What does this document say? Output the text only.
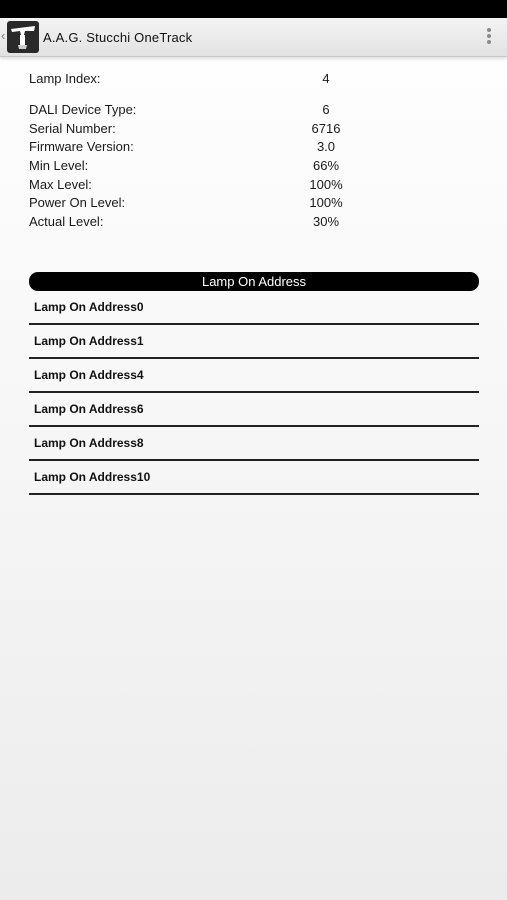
‹	A.A.G. Stucchi OneTrack
Lamp Index:	4
DALI Device Type:	6
Serial Number:	6716
Firmware Version:	3.0
Min Level:	66%
Max Level:	100%
Power On Level:	100%
Actual Level:	30%
Lamp On Address
Lamp On Address0
Lamp On Address1
Lamp On Address4
Lamp On Address6
Lamp On Address8
Lamp On Address10
